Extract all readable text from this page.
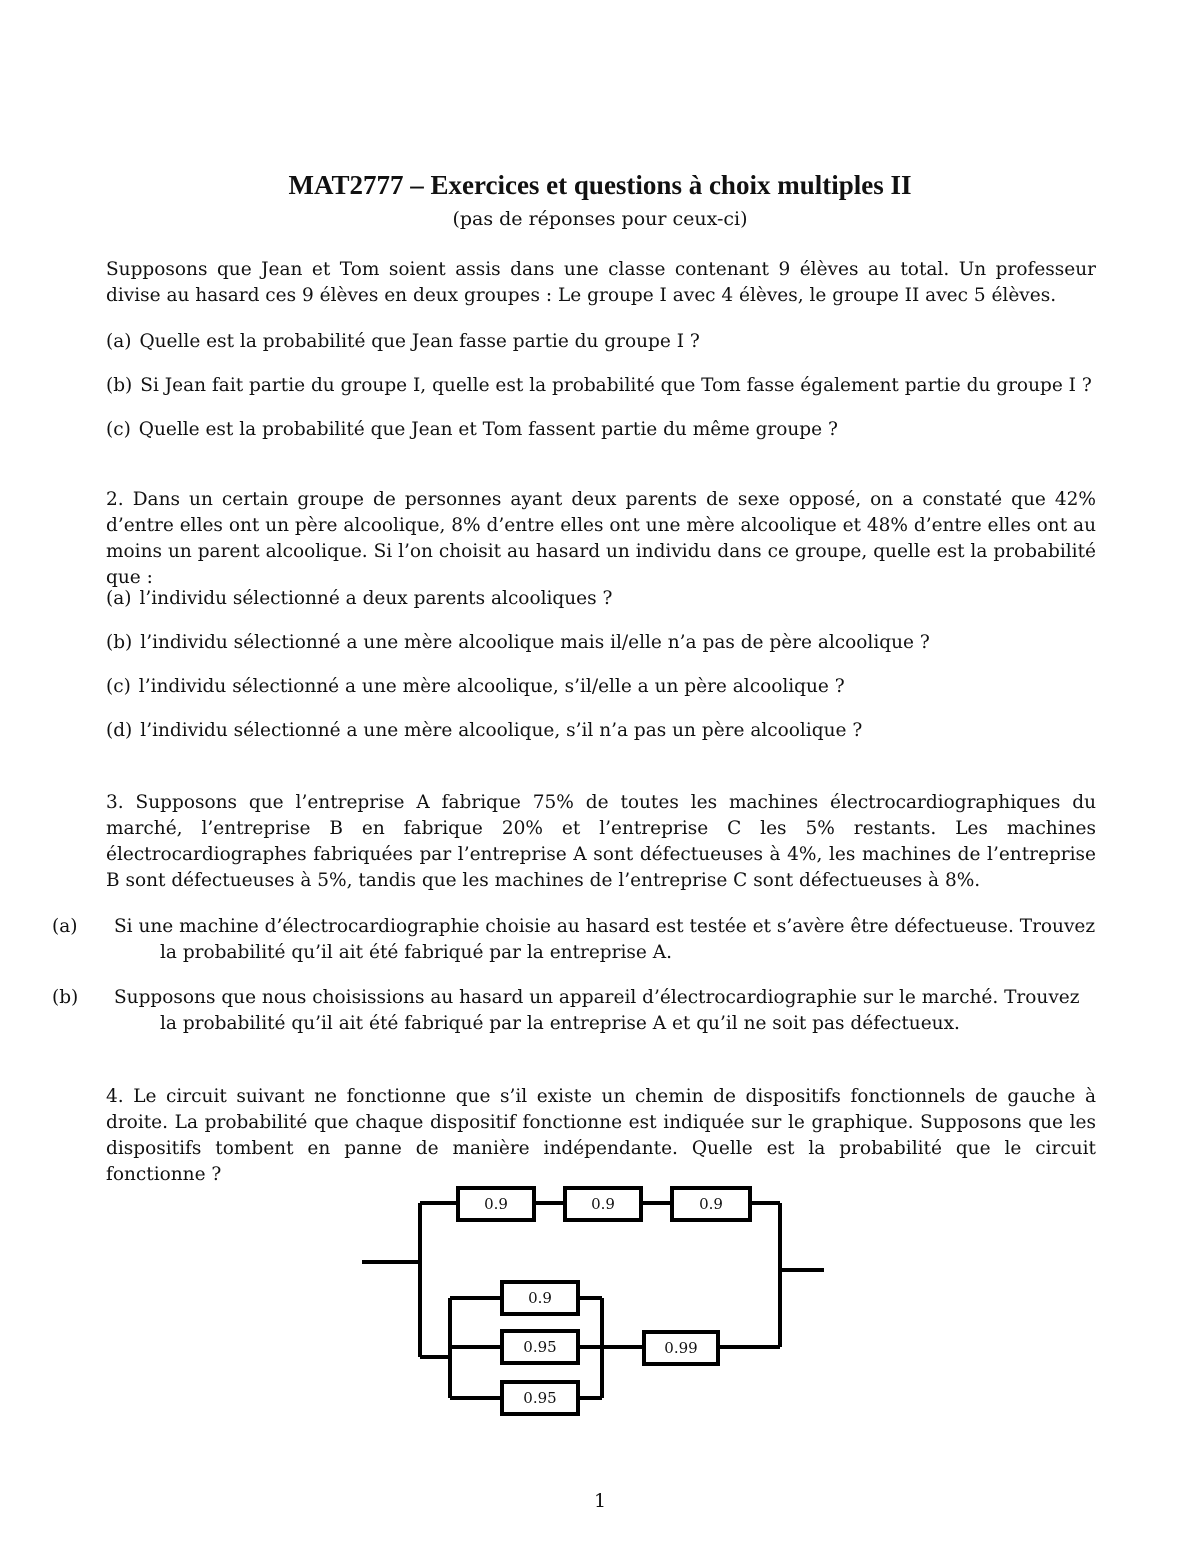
MAT2777 – Exercices et questions à choix multiples II
(pas de réponses pour ceux-ci)

Supposons que Jean et Tom soient assis dans une classe contenant 9 élèves au total. Un professeur divise au hasard ces 9 élèves en deux groupes : Le groupe I avec 4 élèves, le groupe II avec 5 élèves.

(a) Quelle est la probabilité que Jean fasse partie du groupe I ?
(b) Si Jean fait partie du groupe I, quelle est la probabilité que Tom fasse également partie du groupe I ?
(c) Quelle est la probabilité que Jean et Tom fassent partie du même groupe ?

2. Dans un certain groupe de personnes ayant deux parents de sexe opposé, on a constaté que 42% d’entre elles ont un père alcoolique, 8% d’entre elles ont une mère alcoolique et 48% d’entre elles ont au moins un parent alcoolique. Si l’on choisit au hasard un individu dans ce groupe, quelle est la probabilité que :

(a) l’individu sélectionné a deux parents alcooliques ?
(b) l’individu sélectionné a une mère alcoolique mais il/elle n’a pas de père alcoolique ?
(c) l’individu sélectionné a une mère alcoolique, s’il/elle a un père alcoolique ?
(d) l’individu sélectionné a une mère alcoolique, s’il n’a pas un père alcoolique ?

3. Supposons que l’entreprise A fabrique 75% de toutes les machines électrocardiographiques du marché, l’entreprise B en fabrique 20% et l’entreprise C les 5% restants. Les machines électrocardiographes fabriquées par l’entreprise A sont défectueuses à 4%, les machines de l’entreprise B sont défectueuses à 5%, tandis que les machines de l’entreprise C sont défectueuses à 8%.

(a) Si une machine d’électrocardiographie choisie au hasard est testée et s’avère être défectueuse. Trouvez la probabilité qu’il ait été fabriqué par la entreprise A.

(b) Supposons que nous choisissions au hasard un appareil d’électrocardiographie sur le marché. Trouvez la probabilité qu’il ait été fabriqué par la entreprise A et qu’il ne soit pas défectueux.

4. Le circuit suivant ne fonctionne que s’il existe un chemin de dispositifs fonctionnels de gauche à droite. La probabilité que chaque dispositif fonctionne est indiquée sur le graphique. Supposons que les dispositifs tombent en panne de manière indépendante. Quelle est la probabilité que le circuit fonctionne ?

0.9	0.9	0.9
0.9
0.95
0.95
0.99
1
